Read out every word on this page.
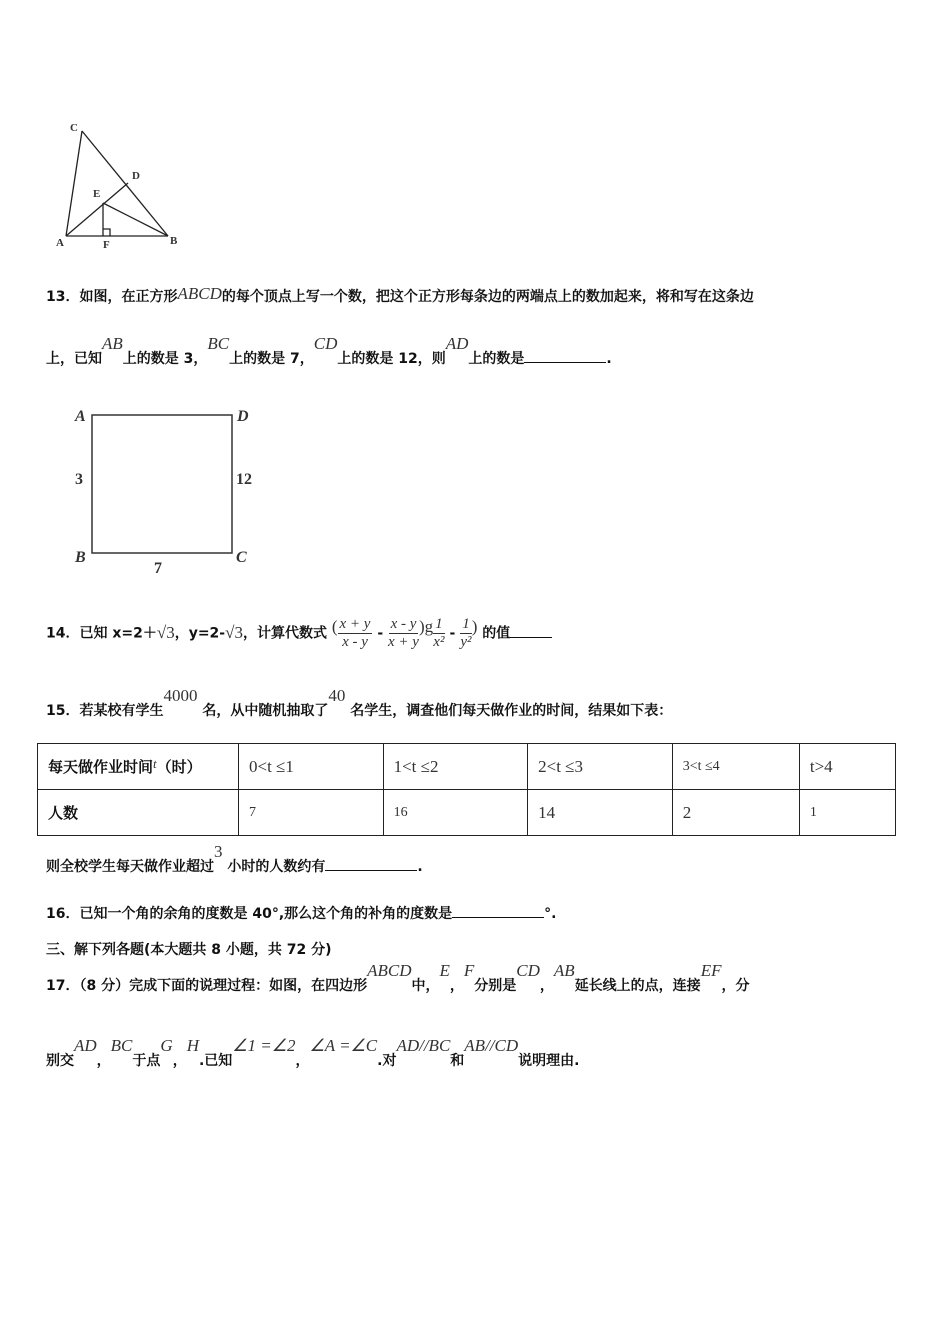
C
D
E
A	F	B
A	D
B	C
3	12
7
13．如图，在正方形ABCD的每个顶点上写一个数，把这个正方形每条边的两端点上的数加起来，将和写在这条边
上，已知AB上的数是 3，BC上的数是 7，CD上的数是 12，则AD上的数是	.
14．已知 x=2＋√3，y=2-√3，计算代数式 ( $\frac{x + y}{x - y} - \frac{x - y}{x + y} )g \frac{1}{\text{x²}} - \frac{1}{\text{y²}}$ ) 的值
15．若某校有学生4000 名，从中随机抽取了40 名学生，调查他们每天做作业的时间，结果如下表：
每天做作业时间t（时）	0<t ≤1	1<t ≤2	2<t ≤3	3<t ≤4	t>4
人数	7	16	14	2	1
则全校学生每天做作业超过3 小时的人数约有	.
16．已知一个角的余角的度数是 40°,那么这个角的补角的度数是	°.
三、解下列各题(本大题共 8 小题，共 72 分)
17．（8 分）完成下面的说理过程：如图，在四边形ABCD中，E，F分别是CD，AB延长线上的点，连接EF，分
别交AD，BC于点G，H.已知∠1 =∠2，∠A =∠C.对AD//BC和AB//CD说明理由.
